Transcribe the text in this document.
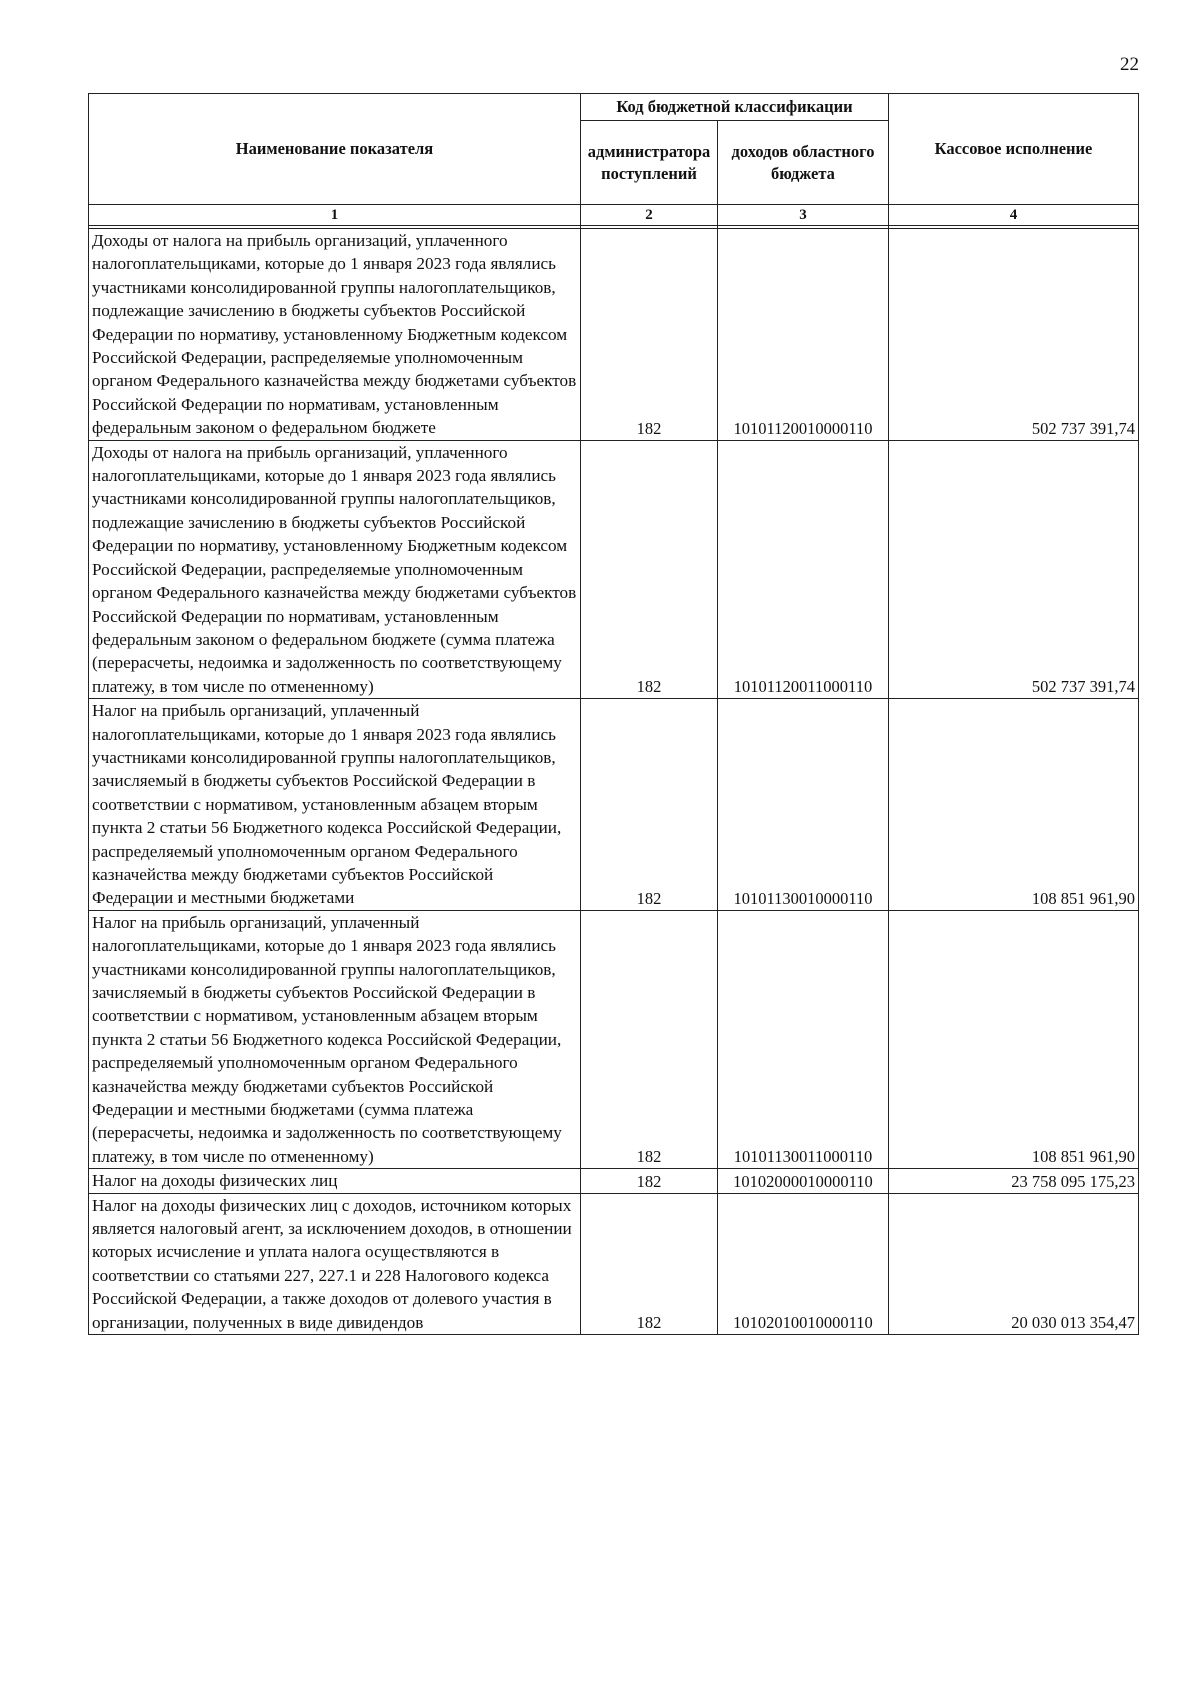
22
Наименование показателя	Код бюджетной классификации		Кассовое исполнение
	администратора поступлений	доходов областного бюджета	
1	2	3	4

Доходы от налога на прибыль организаций, уплаченного налогоплательщиками, которые до 1 января 2023 года являлись участниками консолидированной группы налогоплательщиков, подлежащие зачислению в бюджеты субъектов Российской Федерации по нормативу, установленному Бюджетным кодексом Российской Федерации, распределяемые уполномоченным органом Федерального казначейства между бюджетами субъектов Российской Федерации по нормативам, установленным федеральным законом о федеральном бюджете	182	10101120010000110	502 737 391,74
Доходы от налога на прибыль организаций, уплаченного налогоплательщиками, которые до 1 января 2023 года являлись участниками консолидированной группы налогоплательщиков, подлежащие зачислению в бюджеты субъектов Российской Федерации по нормативу, установленному Бюджетным кодексом Российской Федерации, распределяемые уполномоченным органом Федерального казначейства между бюджетами субъектов Российской Федерации по нормативам, установленным федеральным законом о федеральном бюджете (сумма платежа (перерасчеты, недоимка и задолженность по соответствующему платежу, в том числе по отмененному)	182	10101120011000110	502 737 391,74
Налог на прибыль организаций, уплаченный налогоплательщиками, которые до 1 января 2023 года являлись участниками консолидированной группы налогоплательщиков, зачисляемый в бюджеты субъектов Российской Федерации в соответствии с нормативом, установленным абзацем вторым пункта 2 статьи 56 Бюджетного кодекса Российской Федерации, распределяемый уполномоченным органом Федерального казначейства между бюджетами субъектов Российской Федерации и местными бюджетами	182	10101130010000110	108 851 961,90
Налог на прибыль организаций, уплаченный налогоплательщиками, которые до 1 января 2023 года являлись участниками консолидированной группы налогоплательщиков, зачисляемый в бюджеты субъектов Российской Федерации в соответствии с нормативом, установленным абзацем вторым пункта 2 статьи 56 Бюджетного кодекса Российской Федерации, распределяемый уполномоченным органом Федерального казначейства между бюджетами субъектов Российской Федерации и местными бюджетами (сумма платежа (перерасчеты, недоимка и задолженность по соответствующему платежу, в том числе по отмененному)	182	10101130011000110	108 851 961,90
Налог на доходы физических лиц	182	10102000010000110	23 758 095 175,23
Налог на доходы физических лиц с доходов, источником которых является налоговый агент, за исключением доходов, в отношении которых исчисление и уплата налога осуществляются в соответствии со статьями 227, 227.1 и 228 Налогового кодекса Российской Федерации, а также доходов от долевого участия в организации, полученных в виде дивидендов	182	10102010010000110	20 030 013 354,47
